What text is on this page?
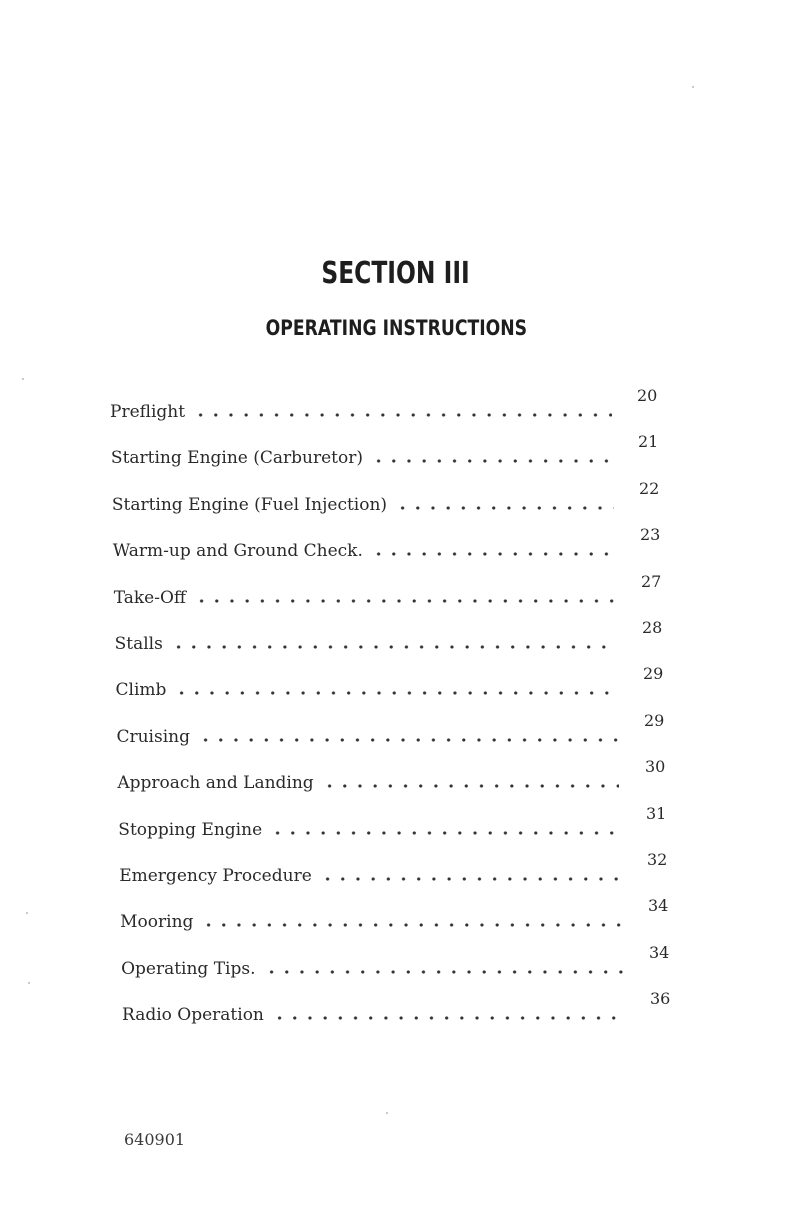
SECTION III
OPERATING INSTRUCTIONS
Preflight
20
Starting Engine (Carburetor)
21
Starting Engine (Fuel Injection)
22
Warm-up and Ground Check.
23
Take-Off
27
Stalls
28
Climb
29
Cruising
29
Approach and Landing
30
Stopping Engine
31
Emergency Procedure
32
Mooring
34
Operating Tips.
34
Radio Operation
36
640901
